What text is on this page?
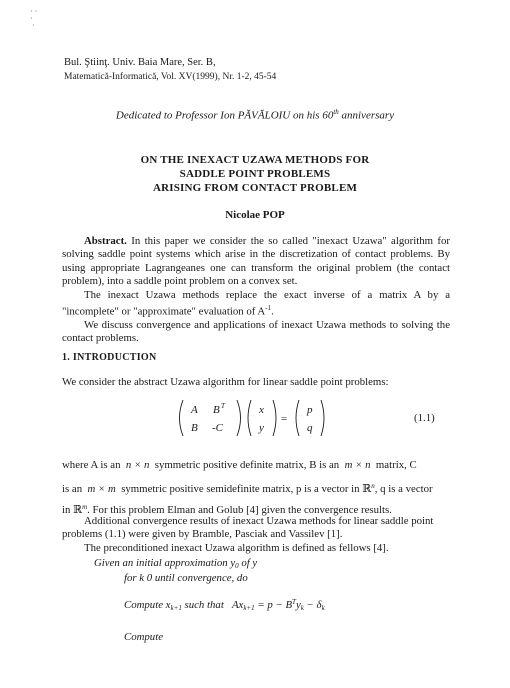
· ·
·
·
Bul. Ştiinţ. Univ. Baia Mare, Ser. B,
Matematică-Informatică, Vol. XV(1999), Nr. 1-2, 45-54
Dedicated to Professor Ion PĂVĂLOIU on his 60th anniversary
ON THE INEXACT UZAWA METHODS FOR
SADDLE POINT PROBLEMS
ARISING FROM CONTACT PROBLEM
Nicolae POP

Abstract. In this paper we consider the so called "inexact Uzawa" algorithm for solving saddle point systems which arise in the discretization of contact problems. By using appropriate Lagrangeanes one can transform the original problem (the contact problem), into a saddle point problem on a convex set.

The inexact Uzawa methods replace the exact inverse of a matrix A by a "incomplete" or "approximate" evaluation of $A^{-1}$.

We discuss convergence and applications of inexact Uzawa methods to solving the contact problems.

1. INTRODUCTION
We consider the abstract Uzawa algorithm for linear saddle point problems:
A B T
B -C
x
y
=
p
q
(1.1)
where A is an n × n symmetric positive definite matrix, B is an m × n matrix, C
is an m × m symmetric positive semidefinite matrix, p is a vector in ℝ$^n$, q is a vector
in ℝ$^m$. For this problem Elman and Golub [4] given the convergence results.

Additional convergence results of inexact Uzawa methods for linear saddle point problems (1.1) were given by Bramble, Pasciak and Vassilev [1].

The preconditioned inexact Uzawa algorithm is defined as fellows [4].

Given an initial approximation $y_0$ of y
for k 0 until convergence, do
Compute $x_{k+1}$ such that $Ax_{k+1} = p - B^Ty_k - \delta_k$
Compute
